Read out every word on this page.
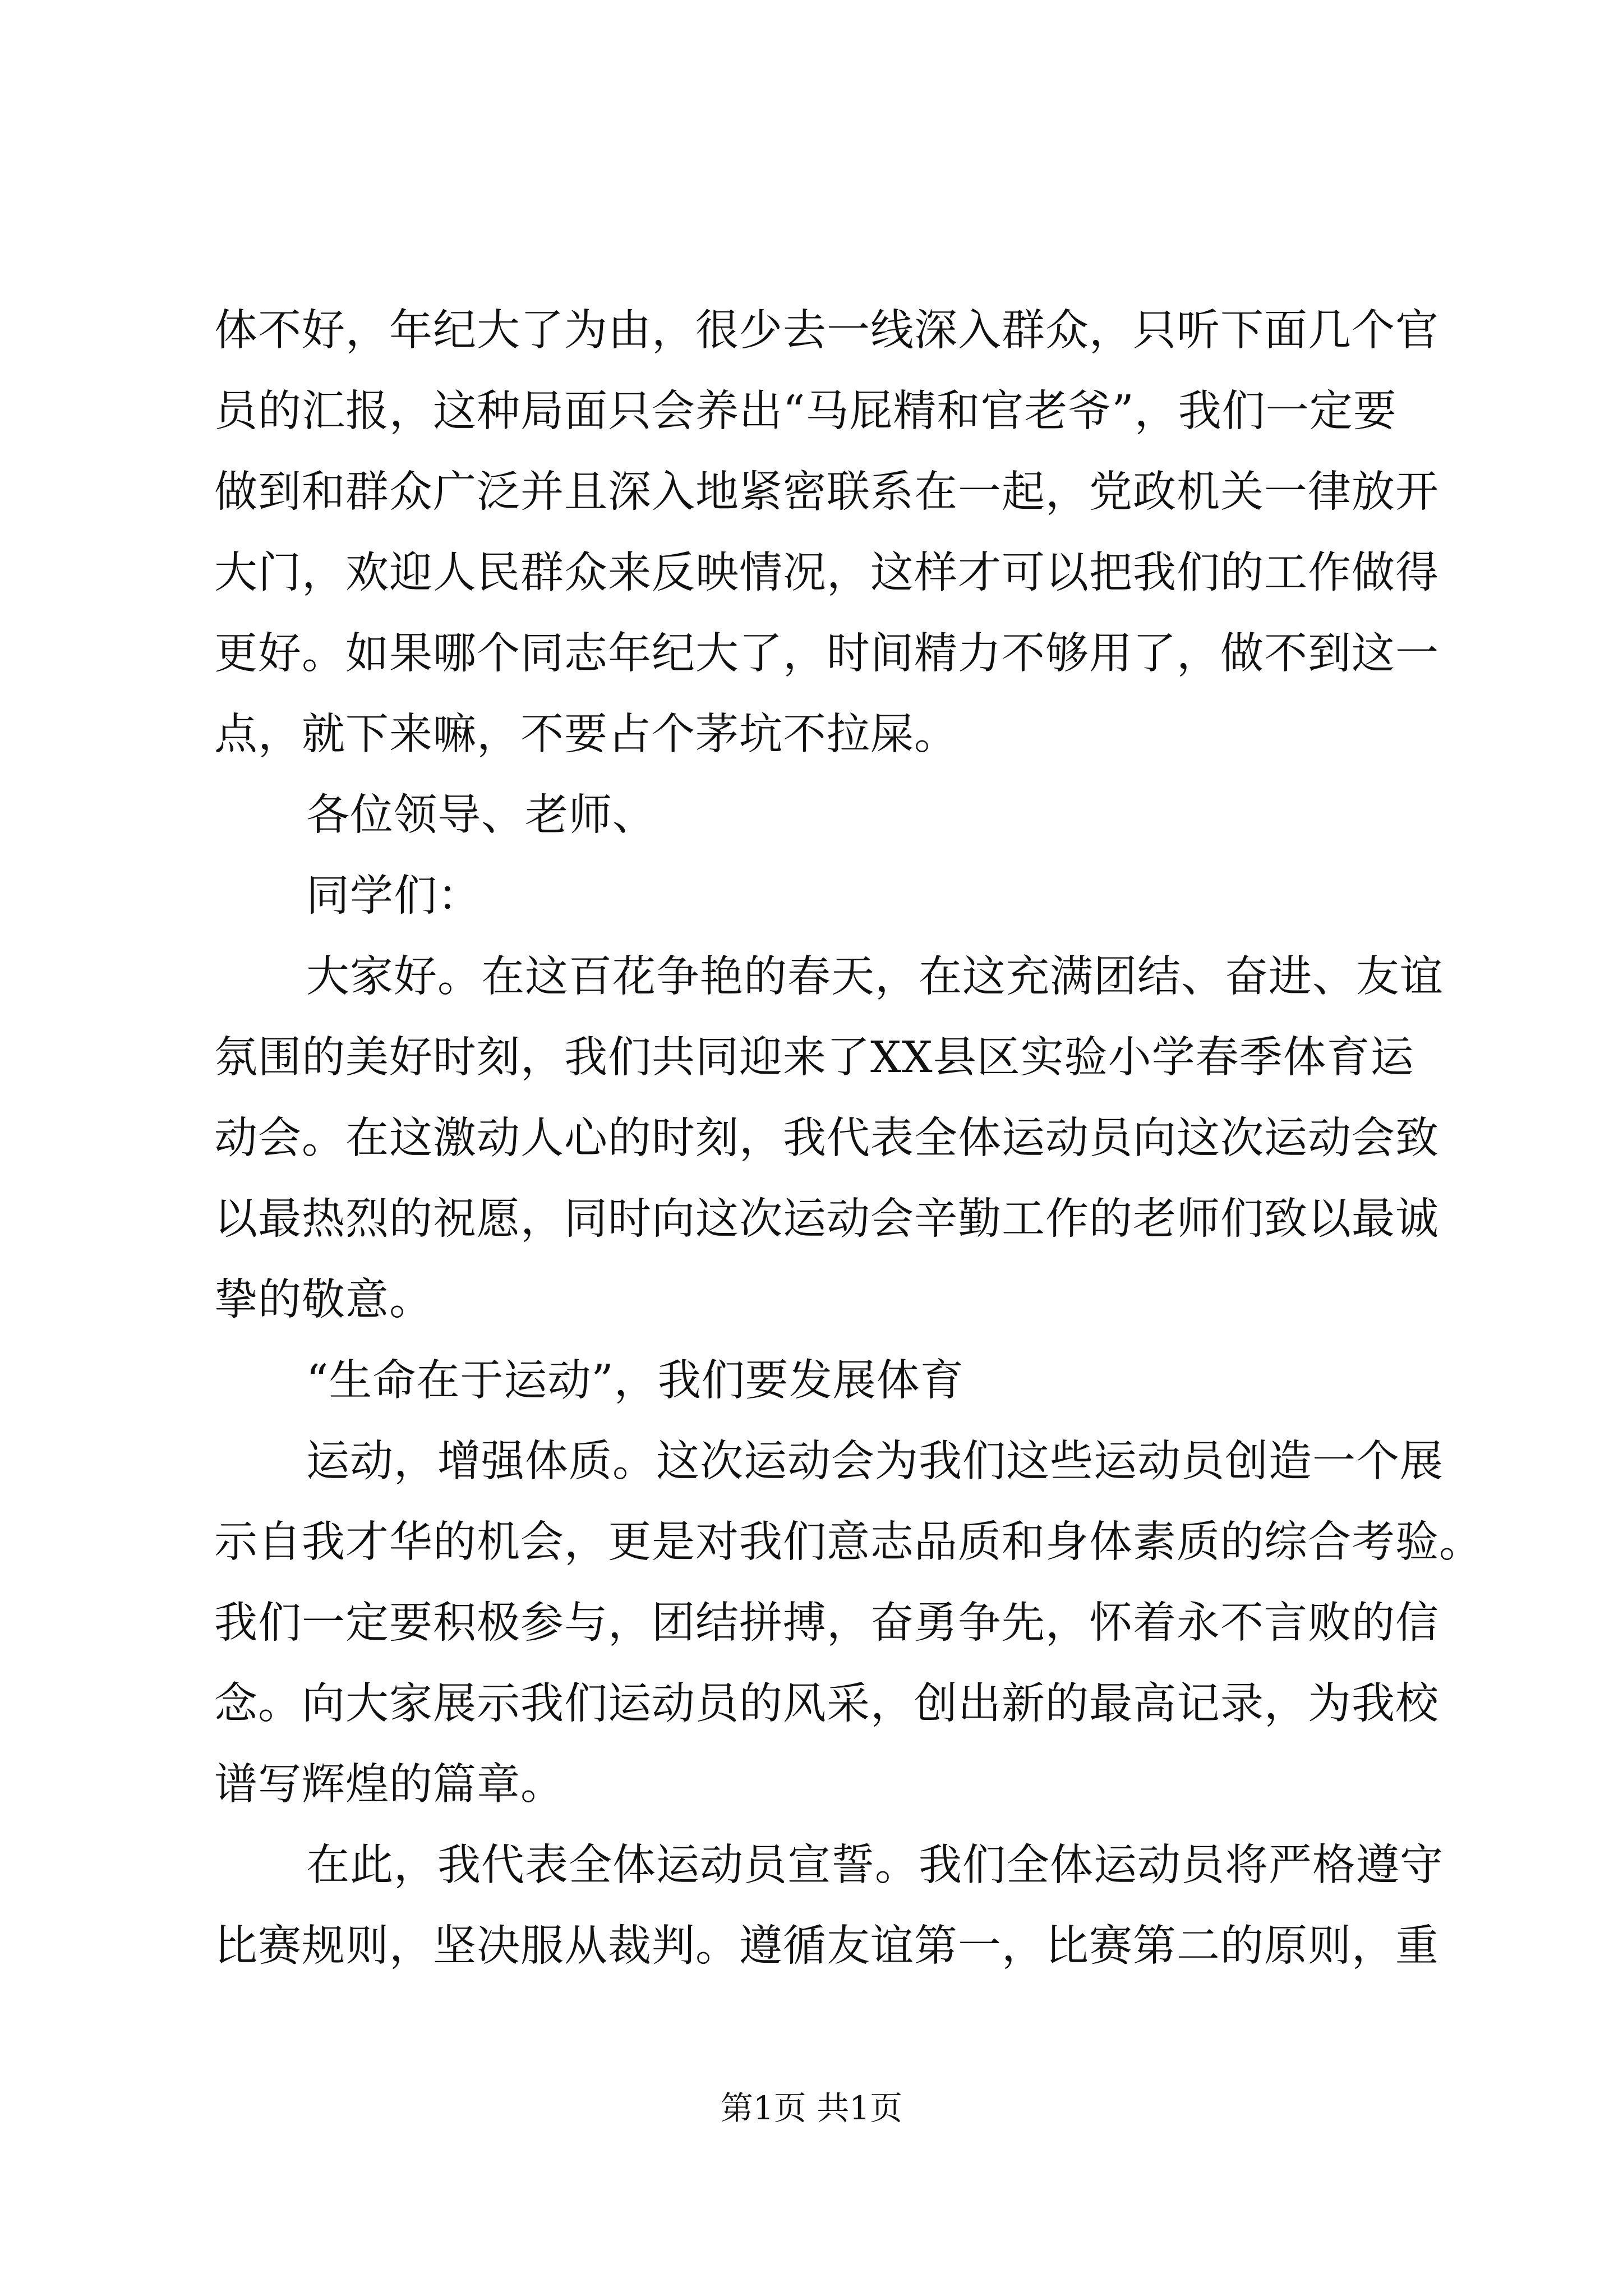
体不好，年纪大了为由，很少去一线深入群众，只听下面几个官
员的汇报，这种局面只会养出“马屁精和官老爷”，我们一定要
做到和群众广泛并且深入地紧密联系在一起，党政机关一律放开
大门，欢迎人民群众来反映情况，这样才可以把我们的工作做得
更好。如果哪个同志年纪大了，时间精力不够用了，做不到这一
点，就下来嘛，不要占个茅坑不拉屎。
各位领导、老师、
同学们：
大家好。在这百花争艳的春天，在这充满团结、奋进、友谊
氛围的美好时刻，我们共同迎来了XX县区实验小学春季体育运
动会。在这激动人心的时刻，我代表全体运动员向这次运动会致
以最热烈的祝愿，同时向这次运动会辛勤工作的老师们致以最诚
挚的敬意。
“生命在于运动”，我们要发展体育
运动，增强体质。这次运动会为我们这些运动员创造一个展
示自我才华的机会，更是对我们意志品质和身体素质的综合考验。
我们一定要积极参与，团结拼搏，奋勇争先，怀着永不言败的信
念。向大家展示我们运动员的风采，创出新的最高记录，为我校
谱写辉煌的篇章。
在此，我代表全体运动员宣誓。我们全体运动员将严格遵守
比赛规则，坚决服从裁判。遵循友谊第一，比赛第二的原则，重
第1页 共1页
